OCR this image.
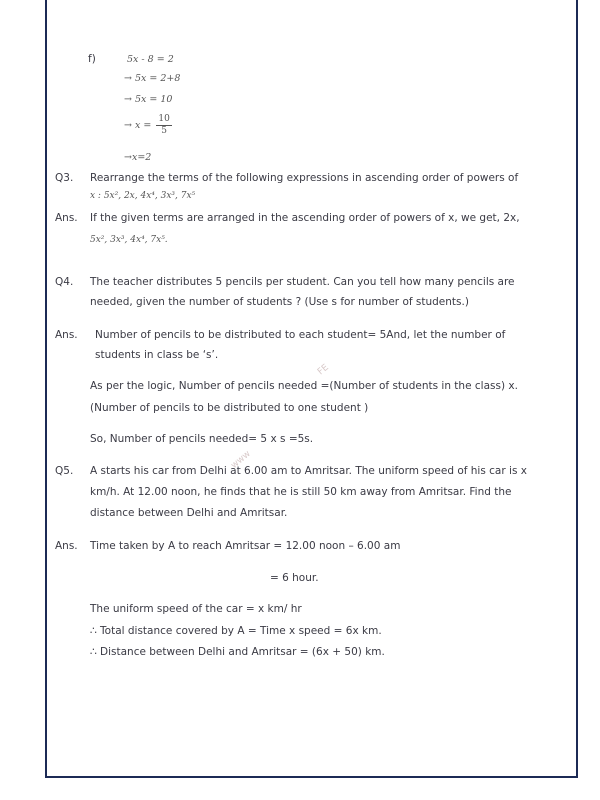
f)	5x - 8 = 2
→ 5x = 2+8
→ 5x = 10
→ $x = \frac{10}{5}$
→x=2
Q3. Rearrange the terms of the following expressions in ascending order of powers of
x : 5x², 2x, 4x⁴, 3x³, 7x⁵
Ans. If the given terms are arranged in the ascending order of powers of x, we get, 2x,
5x², 3x³, 4x⁴, 7x⁵.
Q4. The teacher distributes 5 pencils per student. Can you tell how many pencils are
needed, given the number of students ? (Use s for number of students.)
Ans. Number of pencils to be distributed to each student= 5And, let the number of
students in class be ‘s’.
As per the logic, Number of pencils needed =(Number of students in the class) x.
(Number of pencils to be distributed to one student )
So, Number of pencils needed= 5 x s =5s.
Q5. A starts his car from Delhi at 6.00 am to Amritsar. The uniform speed of his car is x
km/h. At 12.00 noon, he finds that he is still 50 km away from Amritsar. Find the
distance between Delhi and Amritsar.
Ans. Time taken by A to reach Amritsar = 12.00 noon – 6.00 am
= 6 hour.
The uniform speed of the car = x km/ hr
∴ Total distance covered by A = Time x speed = 6x km.
∴ Distance between Delhi and Amritsar = (6x + 50) km.
www
FE
